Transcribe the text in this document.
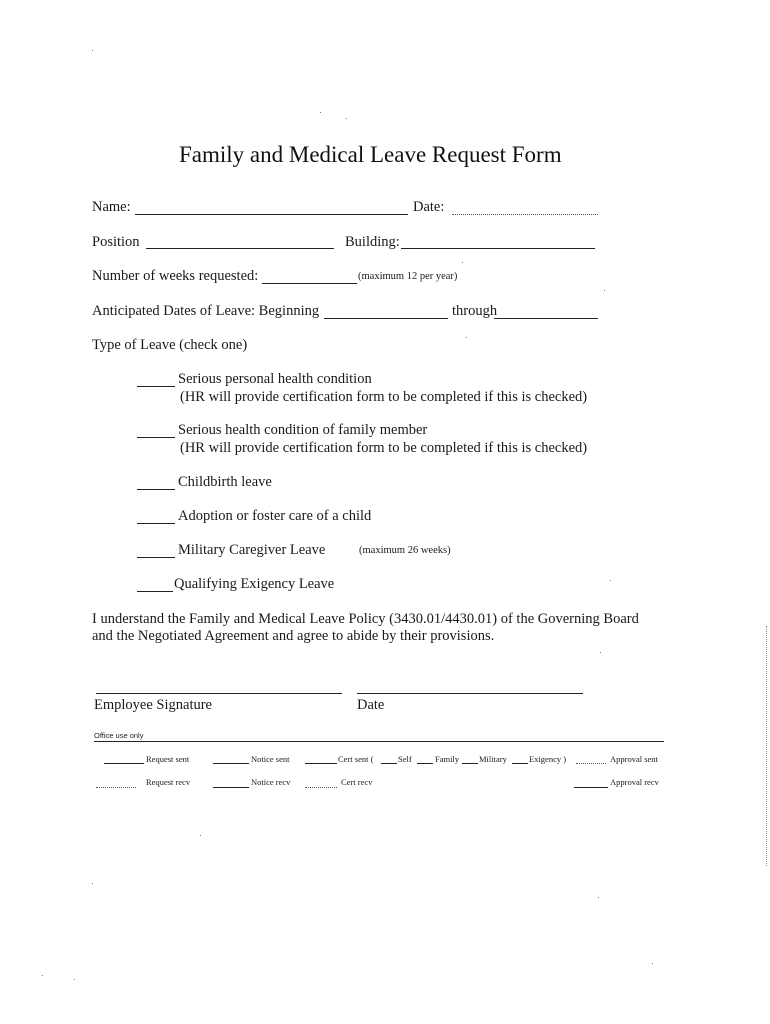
Family and Medical Leave Request Form
Name:	Date:
Position	Building:
Number of weeks requested:	(maximum 12 per year)
Anticipated Dates of Leave: Beginning	through
Type of Leave (check one)
Serious personal health condition
(HR will provide certification form to be completed if this is checked)
Serious health condition of family member
(HR will provide certification form to be completed if this is checked)
Childbirth leave
Adoption or foster care of a child
Military Caregiver Leave	(maximum 26 weeks)
Qualifying Exigency Leave
I understand the Family and Medical Leave Policy (3430.01/4430.01) of the Governing Board
and the Negotiated Agreement and agree to abide by their provisions.
Employee Signature	Date
Office use only
Request sent	Notice sent	Cert sent (	Self	Family Military	Exigency )	Approval sent
Request recv	Notice recv	Cert recv	Approval recv
